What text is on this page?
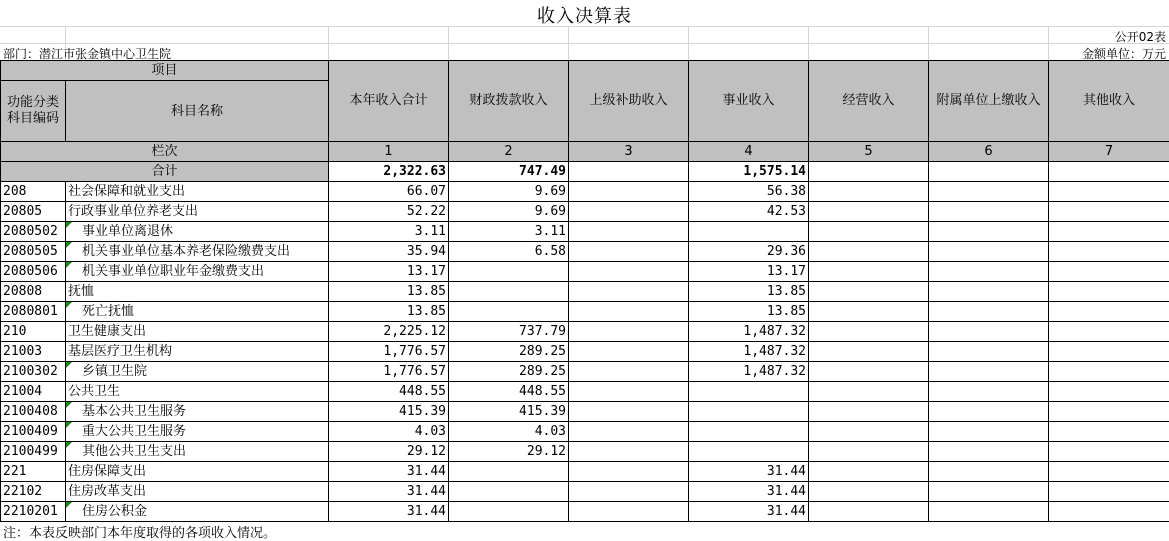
收入决算表
公开02表
部门：潜江市张金镇中心卫生院	金额单位：万元
项目		本年收入合计	财政拨款收入	上级补助收入	事业收入	经营收入	附属单位上缴收入	其他收入
功能分类科目编码	科目名称							
栏次		1	2	3	4	5	6	7
合计		2,322.63	747.49		1,575.14			
208	社会保障和就业支出	66.07	9.69		56.38			
20805	行政事业单位养老支出	52.22	9.69		42.53			
2080502	事业单位离退休	3.11	3.11					
2080505	机关事业单位基本养老保险缴费支出	35.94	6.58		29.36			
2080506	机关事业单位职业年金缴费支出	13.17			13.17			
20808	抚恤	13.85			13.85			
2080801	死亡抚恤	13.85			13.85			
210	卫生健康支出	2,225.12	737.79		1,487.32			
21003	基层医疗卫生机构	1,776.57	289.25		1,487.32			
2100302	乡镇卫生院	1,776.57	289.25		1,487.32			
21004	公共卫生	448.55	448.55					
2100408	基本公共卫生服务	415.39	415.39					
2100409	重大公共卫生服务	4.03	4.03					
2100499	其他公共卫生支出	29.12	29.12					
221	住房保障支出	31.44			31.44			
22102	住房改革支出	31.44			31.44			
2210201	住房公积金	31.44			31.44			
注：本表反映部门本年度取得的各项收入情况。
